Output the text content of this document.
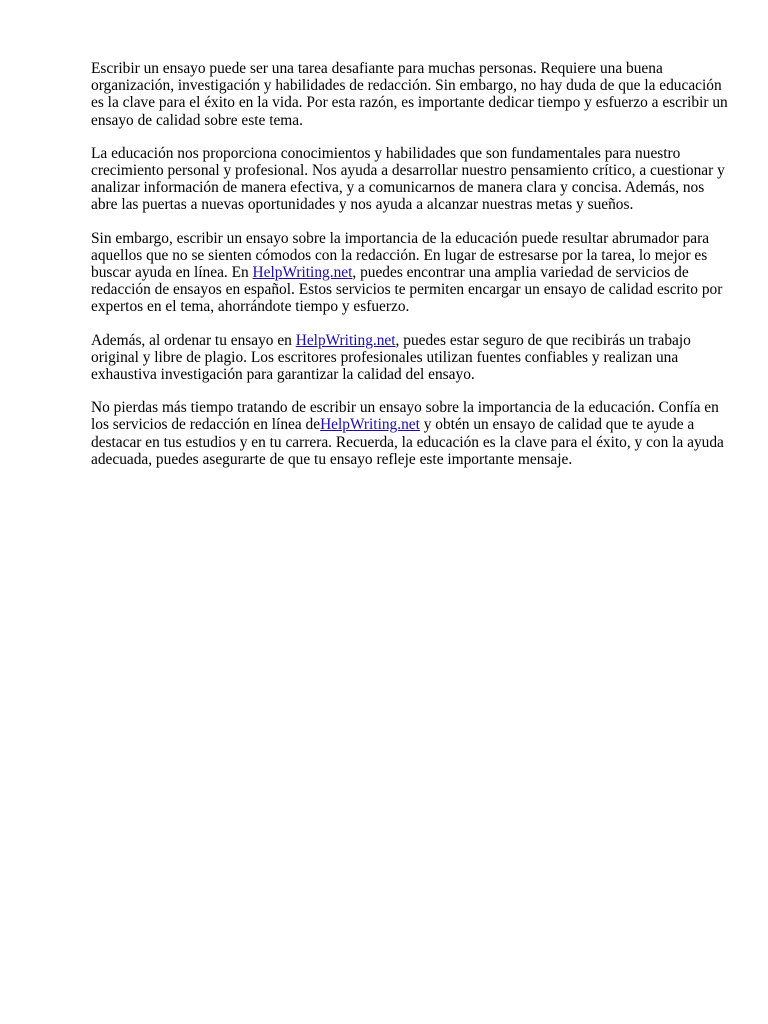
Escribir un ensayo puede ser una tarea desafiante para muchas personas. Requiere una buena organización, investigación y habilidades de redacción. Sin embargo, no hay duda de que la educación es la clave para el éxito en la vida. Por esta razón, es importante dedicar tiempo y esfuerzo a escribir un ensayo de calidad sobre este tema.

La educación nos proporciona conocimientos y habilidades que son fundamentales para nuestro crecimiento personal y profesional. Nos ayuda a desarrollar nuestro pensamiento crítico, a cuestionar y analizar información de manera efectiva, y a comunicarnos de manera clara y concisa. Además, nos abre las puertas a nuevas oportunidades y nos ayuda a alcanzar nuestras metas y sueños.

Sin embargo, escribir un ensayo sobre la importancia de la educación puede resultar abrumador para aquellos que no se sienten cómodos con la redacción. En lugar de estresarse por la tarea, lo mejor es buscar ayuda en línea. En HelpWriting.net, puedes encontrar una amplia variedad de servicios de redacción de ensayos en español. Estos servicios te permiten encargar un ensayo de calidad escrito por expertos en el tema, ahorrándote tiempo y esfuerzo.

Además, al ordenar tu ensayo en HelpWriting.net, puedes estar seguro de que recibirás un trabajo original y libre de plagio. Los escritores profesionales utilizan fuentes confiables y realizan una exhaustiva investigación para garantizar la calidad del ensayo.

No pierdas más tiempo tratando de escribir un ensayo sobre la importancia de la educación. Confía en los servicios de redacción en línea deHelpWriting.net y obtén un ensayo de calidad que te ayude a destacar en tus estudios y en tu carrera. Recuerda, la educación es la clave para el éxito, y con la ayuda adecuada, puedes asegurarte de que tu ensayo refleje este importante mensaje.
